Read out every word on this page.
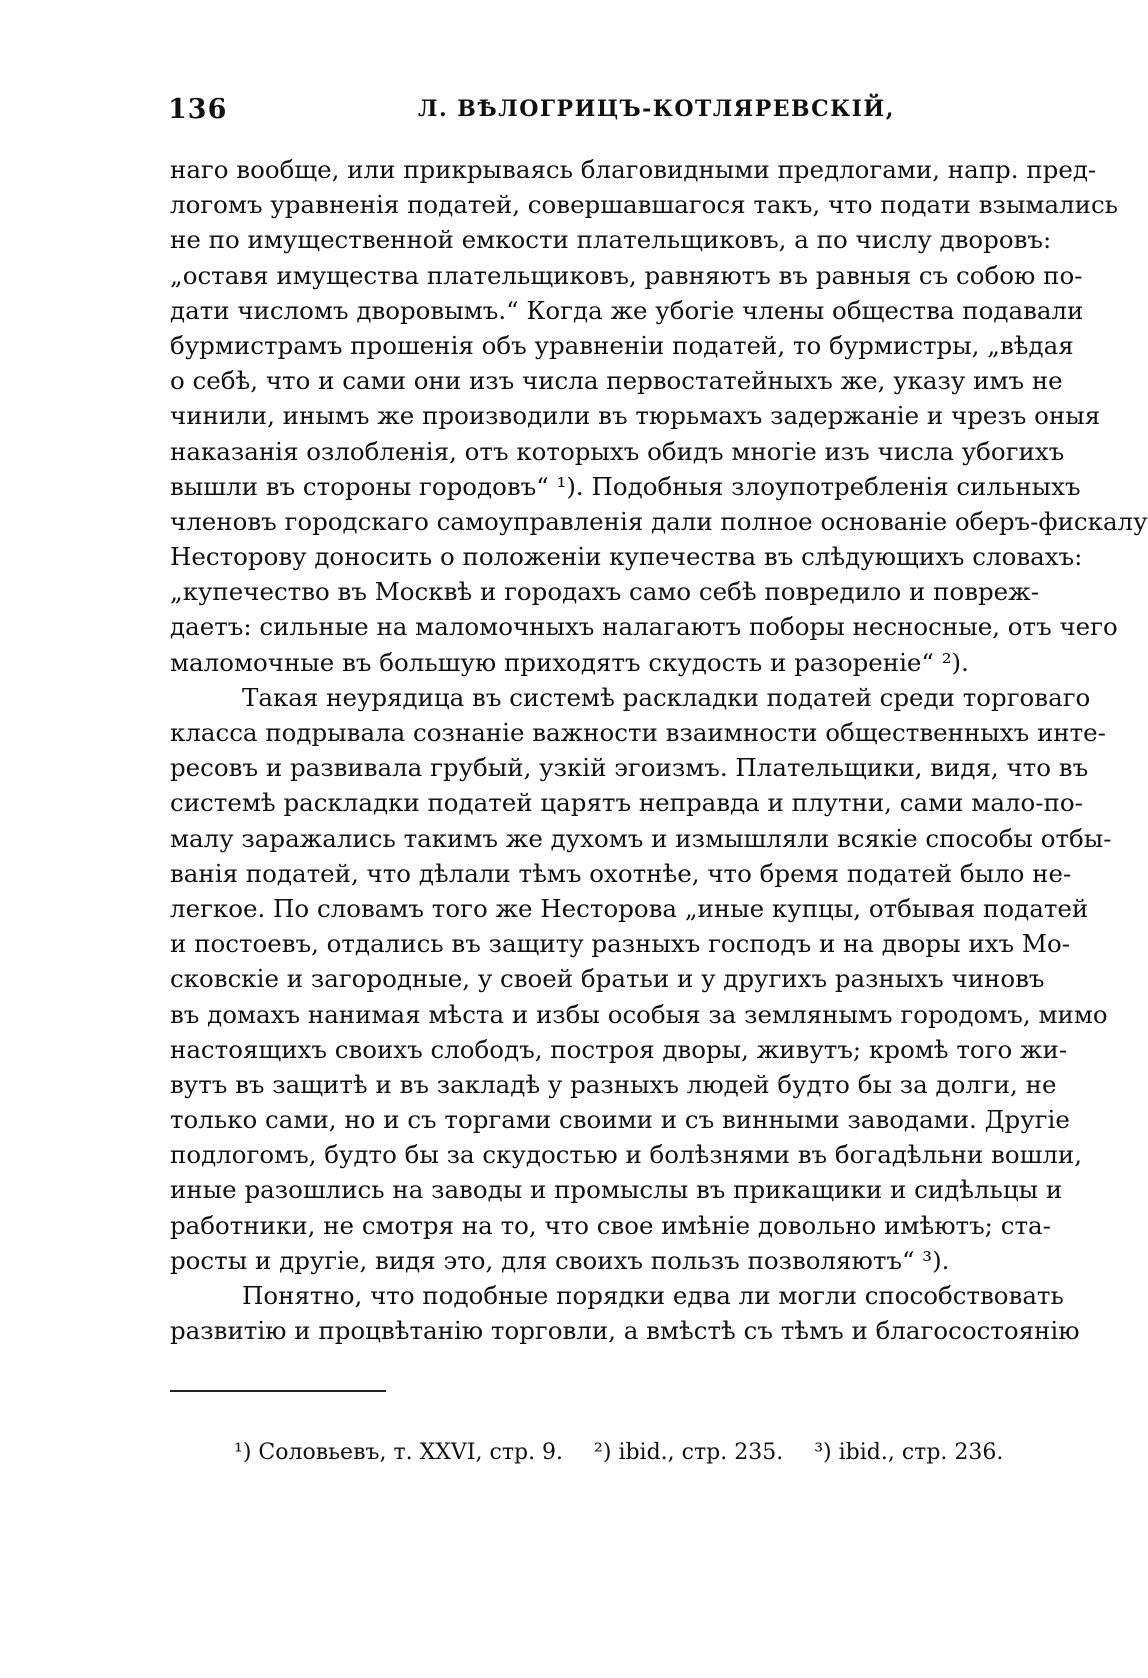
136	Л. ВѢЛОГРИЦЪ-КОТЛЯРЕВСКІЙ,
наго вообще, или прикрываясь благовидными предлогами, напр. пред-
логомъ уравненія податей, совершавшагося такъ, что подати взымались
не по имущественной емкости плательщиковъ, а по числу дворовъ:
„оставя имущества плательщиковъ, равняютъ въ равныя съ собою по-
дати числомъ дворовымъ.“ Когда же убогіе члены общества подавали
бурмистрамъ прошенія объ уравненіи податей, то бурмистры, „вѣдая
о себѣ, что и сами они изъ числа первостатейныхъ же, указу имъ не
чинили, инымъ же производили въ тюрьмахъ задержаніе и чрезъ оныя
наказанія озлобленія, отъ которыхъ обидъ многіе изъ числа убогихъ
вышли въ стороны городовъ“ ¹). Подобныя злоупотребленія сильныхъ
членовъ городскаго самоуправленія дали полное основаніе оберъ-фискалу
Несторову доносить о положеніи купечества въ слѣдующихъ словахъ:
„купечество въ Москвѣ и городахъ само себѣ повредило и повреж-
даетъ: сильные на маломочныхъ налагаютъ поборы несносные, отъ чего
маломочные въ большую приходятъ скудость и разореніе“ ²).
Такая неурядица въ системѣ раскладки податей среди торговаго
класса подрывала сознаніе важности взаимности общественныхъ инте-
ресовъ и развивала грубый, узкій эгоизмъ. Плательщики, видя, что въ
системѣ раскладки податей царятъ неправда и плутни, сами мало-по-
малу заражались такимъ же духомъ и измышляли всякіе способы отбы-
ванія податей, что дѣлали тѣмъ охотнѣе, что бремя податей было не-
легкое. По словамъ того же Несторова „иные купцы, отбывая податей
и постоевъ, отдались въ защиту разныхъ господъ и на дворы ихъ Мо-
сковскіе и загородные, у своей братьи и у другихъ разныхъ чиновъ
въ домахъ нанимая мѣста и избы особыя за землянымъ городомъ, мимо
настоящихъ своихъ слободъ, построя дворы, живутъ; кромѣ того жи-
вутъ въ защитѣ и въ закладѣ у разныхъ людей будто бы за долги, не
только сами, но и съ торгами своими и съ винными заводами. Другіе
подлогомъ, будто бы за скудостью и болѣзнями въ богадѣльни вошли,
иные разошлись на заводы и промыслы въ прикащики и сидѣльцы и
работники, не смотря на то, что свое имѣніе довольно имѣютъ; ста-
росты и другіе, видя это, для своихъ пользъ позволяютъ“ ³).
Понятно, что подобные порядки едва ли могли способствовать
развитію и процвѣтанію торговли, а вмѣстѣ съ тѣмъ и благосостоянію
¹) Соловьевъ, т. XXVI, стр. 9. ²) ibid., стр. 235. ³) ibid., стр. 236.
